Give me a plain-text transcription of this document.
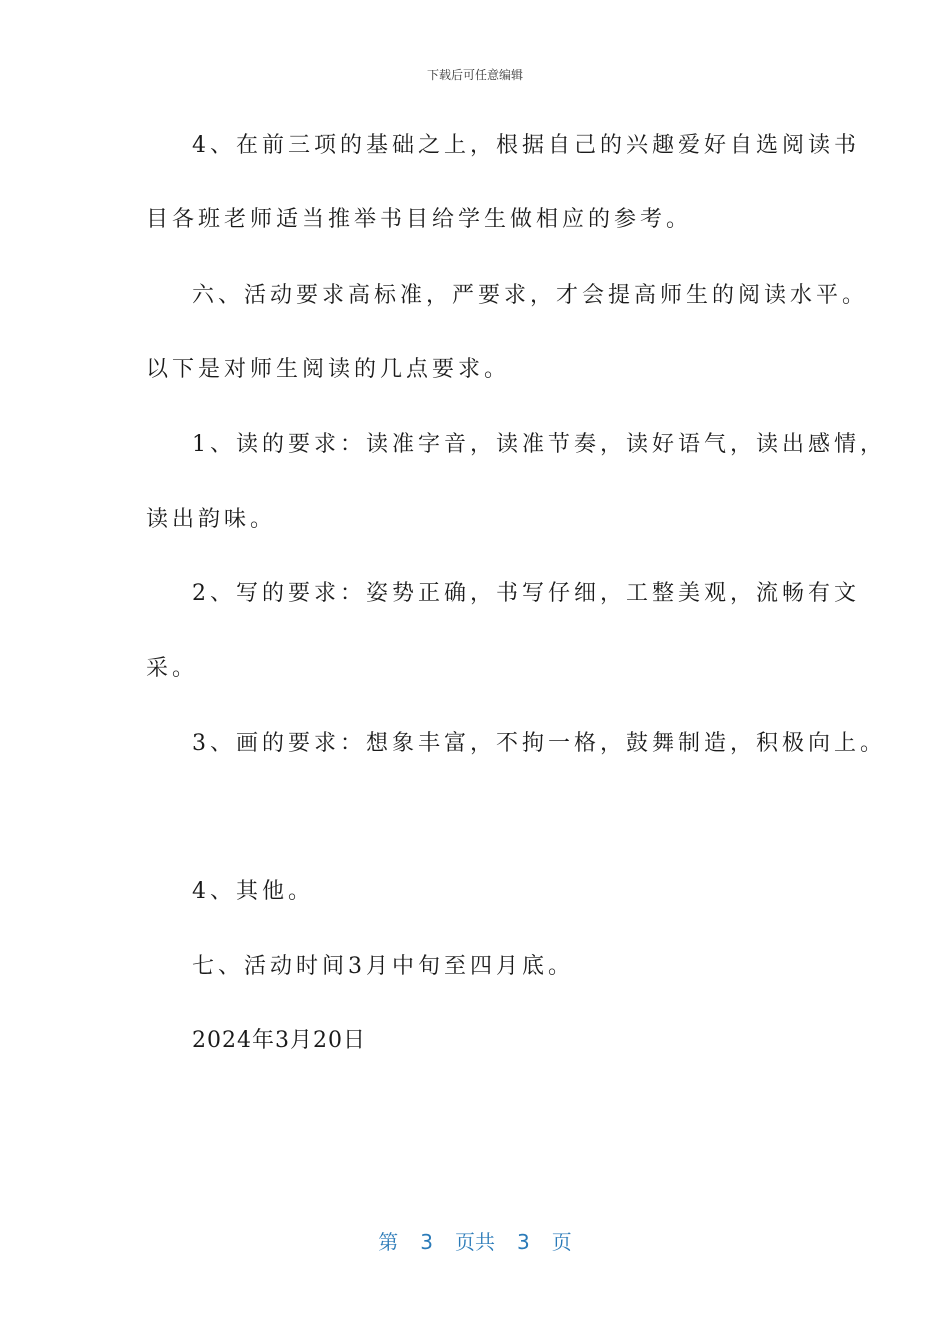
下载后可任意编辑
4、在前三项的基础之上，根据自己的兴趣爱好自选阅读书
目各班老师适当推举书目给学生做相应的参考。
六、活动要求高标准，严要求，才会提高师生的阅读水平。
以下是对师生阅读的几点要求。
1、读的要求：读准字音，读准节奏，读好语气，读出感情，
读出韵味。
2、写的要求：姿势正确，书写仔细，工整美观，流畅有文
采。
3、画的要求：想象丰富，不拘一格，鼓舞制造，积极向上。
4、其他。
七、活动时间3月中旬至四月底。
2024年3月20日
第 3 页共 3 页
